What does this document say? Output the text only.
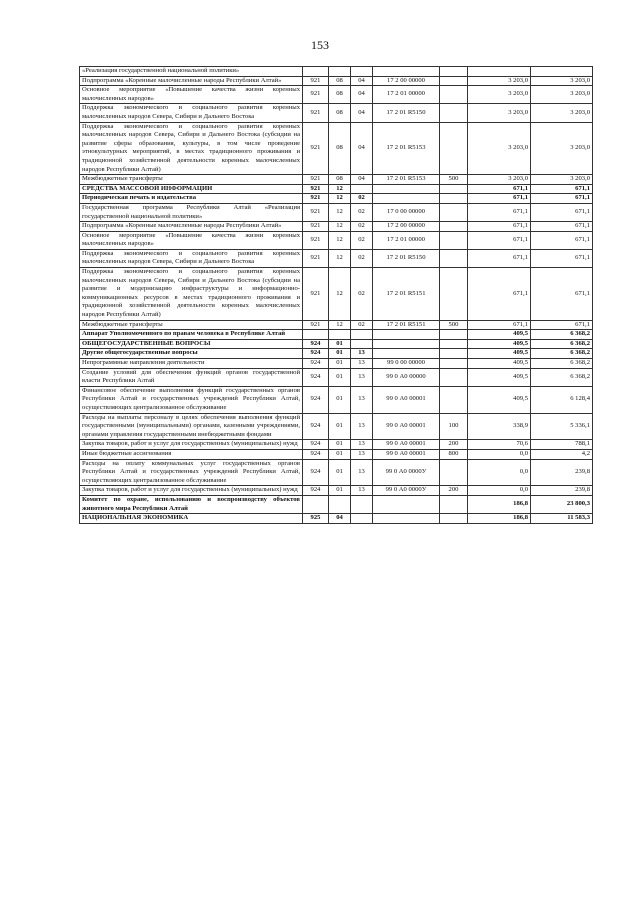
153
«Реализация государственной национальной политики»							
Подпрограмма «Коренные малочисленные народы Республики Алтай»	921	08	04	17 2 00 00000		3 203,0	3 203,0
Основное мероприятие «Повышение качества жизни коренных малочисленных народов»	921	08	04	17 2 01 00000		3 203,0	3 203,0
Поддержка экономического и социального развития коренных малочисленных народов Севера, Сибири и Дальнего Востока	921	08	04	17 2 01 R5150		3 203,0	3 203,0
Поддержка экономического и социального развития коренных малочисленных народов Севера, Сибири и Дальнего Востока (субсидии на развитие сферы образования, культуры, в том числе проведение этнокультурных мероприятий, в местах традиционного проживания и традиционной хозяйственной деятельности коренных малочисленных народов Республики Алтай)	921	08	04	17 2 01 R5153		3 203,0	3 203,0
Межбюджетные трансферты	921	08	04	17 2 01 R5153	500	3 203,0	3 203,0
СРЕДСТВА МАССОВОЙ ИНФОРМАЦИИ	921	12				671,1	671,1
Периодическая печать и издательства	921	12	02			671,1	671,1
Государственная программа Республики Алтай «Реализация государственной национальной политики»	921	12	02	17 0 00 00000		671,1	671,1
Подпрограмма «Коренные малочисленные народы Республики Алтай»	921	12	02	17 2 00 00000		671,1	671,1
Основное мероприятие «Повышение качества жизни коренных малочисленных народов»	921	12	02	17 2 01 00000		671,1	671,1
Поддержка экономического и социального развития коренных малочисленных народов Севера, Сибири и Дальнего Востока	921	12	02	17 2 01 R5150		671,1	671,1
Поддержка экономического и социального развития коренных малочисленных народов Севера, Сибири и Дальнего Востока (субсидии на развитие и модернизацию инфраструктуры и информационно-коммуникационных ресурсов в местах традиционного проживания и традиционной хозяйственной деятельности коренных малочисленных народов Республики Алтай)	921	12	02	17 2 01 R5151		671,1	671,1
Межбюджетные трансферты	921	12	02	17 2 01 R5151	500	671,1	671,1
Аппарат Уполномоченного по правам человека в Республике Алтай						409,5	6 368,2
ОБЩЕГОСУДАРСТВЕННЫЕ ВОПРОСЫ	924	01				409,5	6 368,2
Другие общегосударственные вопросы	924	01	13			409,5	6 368,2
Непрограммные направления деятельности	924	01	13	99 0 00 00000		409,5	6 368,2
Создание условий для обеспечения функций органов государственной власти Республики Алтай	924	01	13	99 0 А0 00000		409,5	6 368,2
Финансовое обеспечение выполнения функций государственных органов Республики Алтай и государственных учреждений Республики Алтай, осуществляющих централизованное обслуживание	924	01	13	99 0 А0 00001		409,5	6 128,4
Расходы на выплаты персоналу в целях обеспечения выполнения функций государственными (муниципальными) органами, казенными учреждениями, органами управления государственными внебюджетными фондами	924	01	13	99 0 А0 00001	100	338,9	5 336,1
Закупка товаров, работ и услуг для государственных (муниципальных) нужд	924	01	13	99 0 А0 00001	200	70,6	788,1
Иные бюджетные ассигнования	924	01	13	99 0 А0 00001	800	0,0	4,2
Расходы на оплату коммунальных услуг государственных органов Республики Алтай и государственных учреждений Республики Алтай, осуществляющих централизованное обслуживание	924	01	13	99 0 А0 0000У		0,0	239,8
Закупка товаров, работ и услуг для государственных (муниципальных) нужд	924	01	13	99 0 А0 0000У	200	0,0	239,8
Комитет по охране, использованию и воспроизводству объектов животного мира Республики Алтай						186,8	23 800,3
НАЦИОНАЛЬНАЯ ЭКОНОМИКА	925	04				186,8	11 583,3
